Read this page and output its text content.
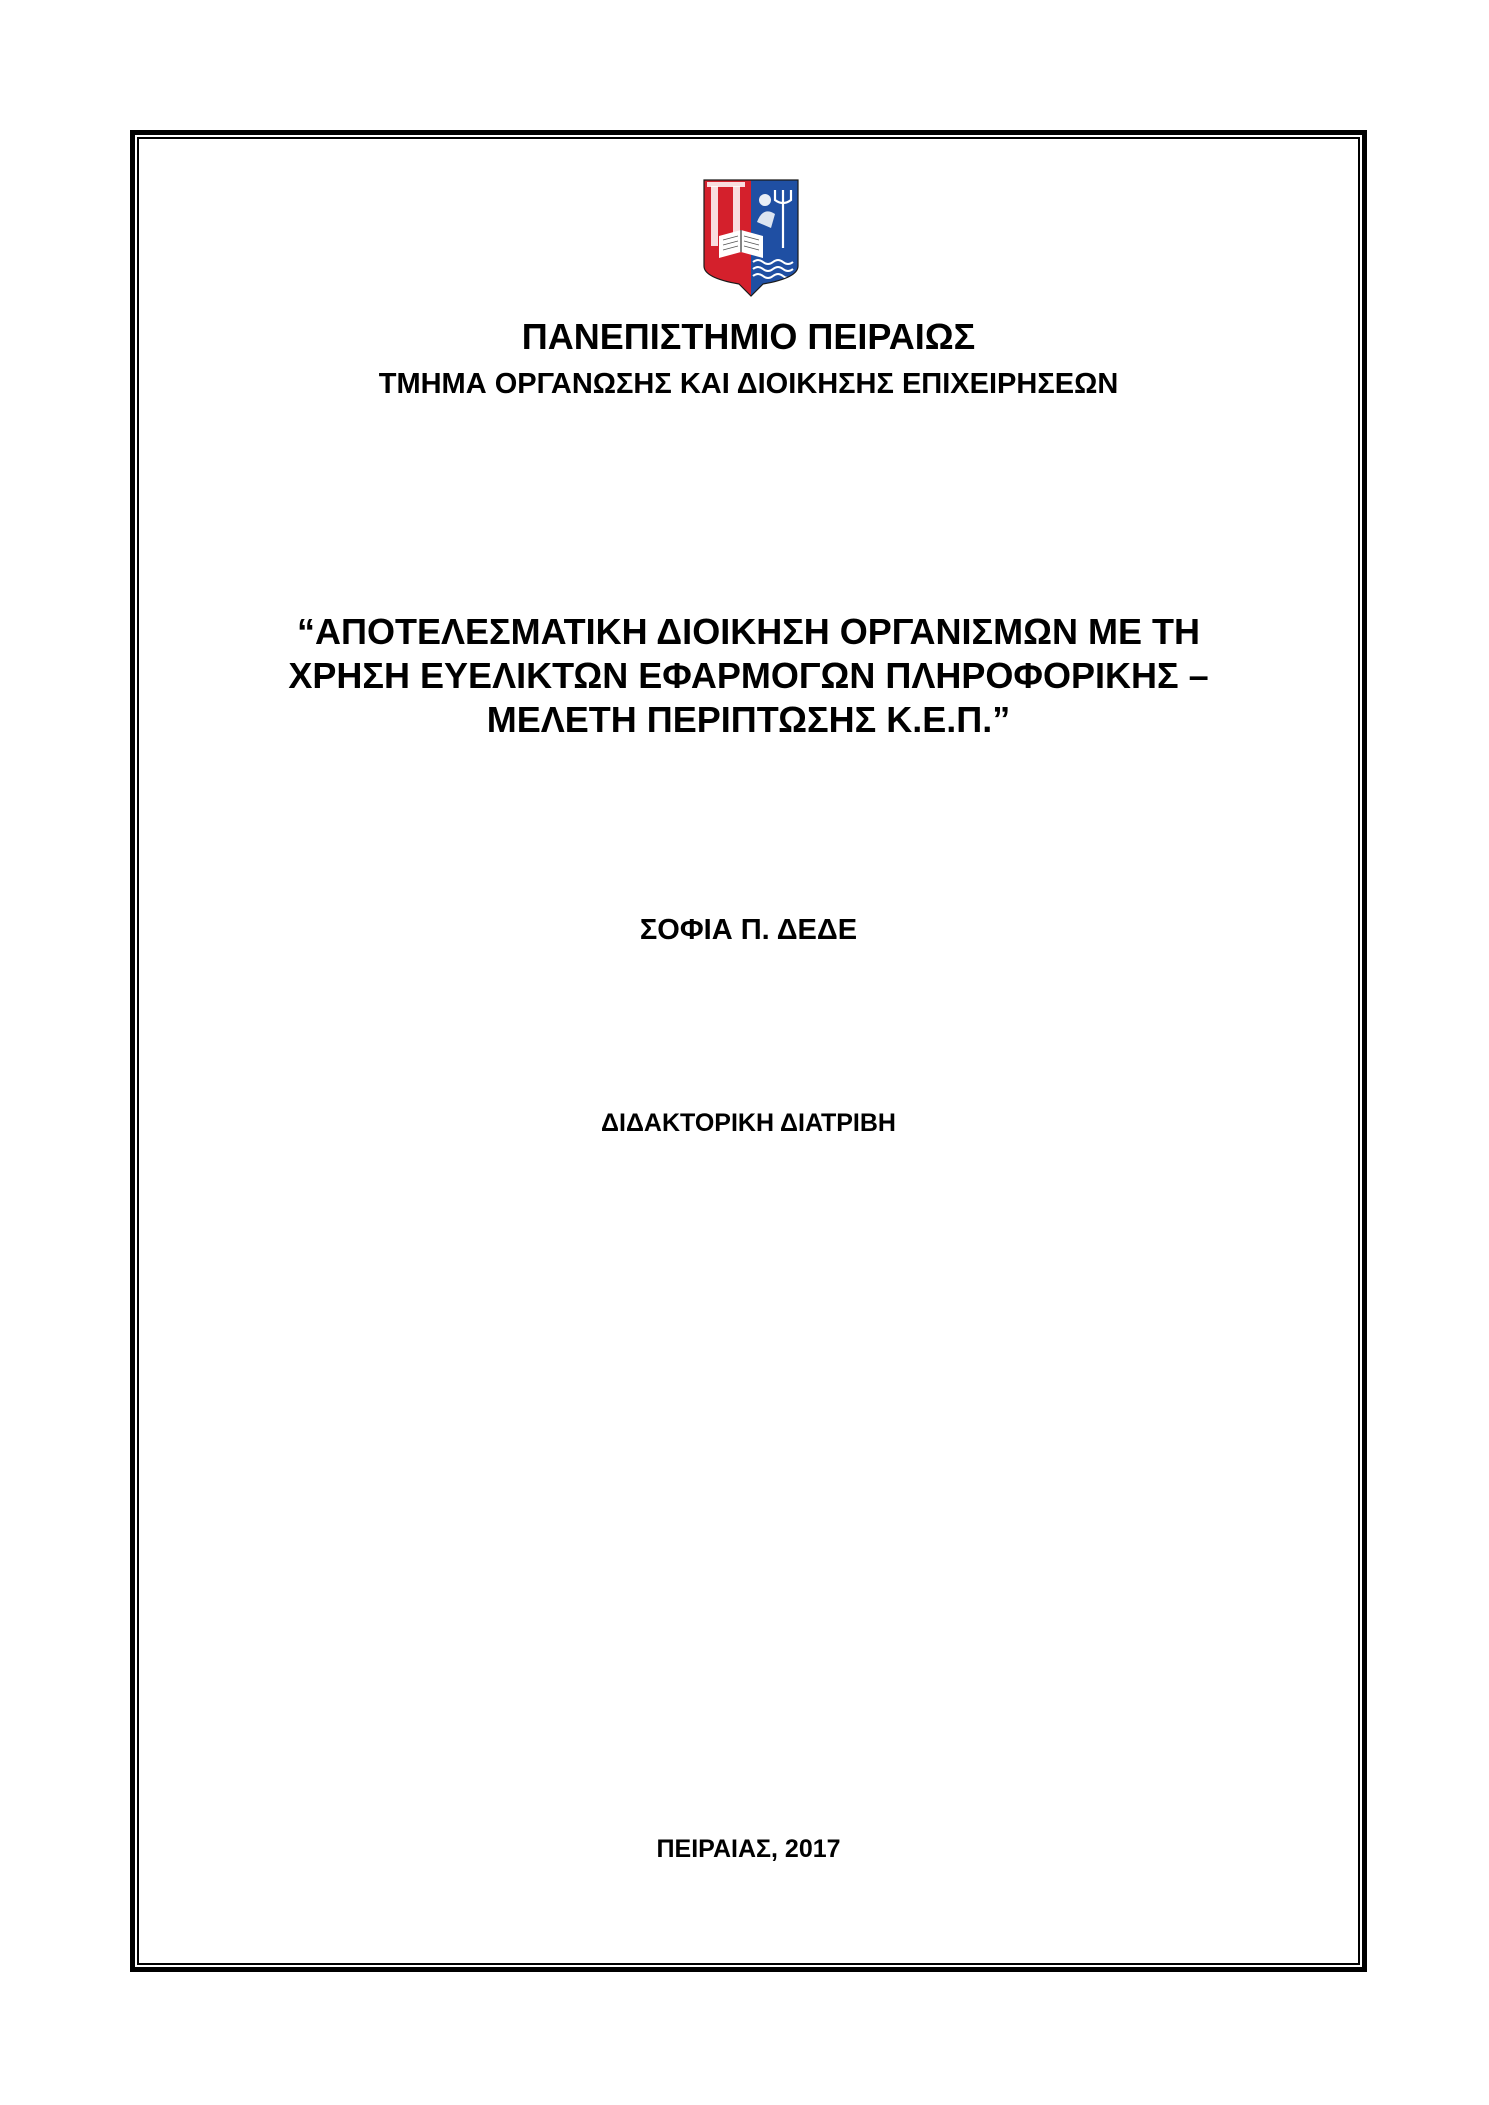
ΠΑΝΕΠΙΣΤΗΜΙΟ ΠΕΙΡΑΙΩΣ
ΤΜΗΜΑ ΟΡΓΑΝΩΣΗΣ ΚΑΙ ΔΙΟΙΚΗΣΗΣ ΕΠΙΧΕΙΡΗΣΕΩΝ
“ΑΠΟΤΕΛΕΣΜΑΤΙΚΗ ΔΙΟΙΚΗΣΗ ΟΡΓΑΝΙΣΜΩΝ ΜΕ ΤΗ
ΧΡΗΣΗ ΕΥΕΛΙΚΤΩΝ ΕΦΑΡΜΟΓΩΝ ΠΛΗΡΟΦΟΡΙΚΗΣ –
ΜΕΛΕΤΗ ΠΕΡΙΠΤΩΣΗΣ Κ.Ε.Π.”

ΣΟΦΙΑ Π. ΔΕΔΕ

ΔΙΔΑΚΤΟΡΙΚΗ ΔΙΑΤΡΙΒΗ

ΠΕΙΡΑΙΑΣ, 2017
